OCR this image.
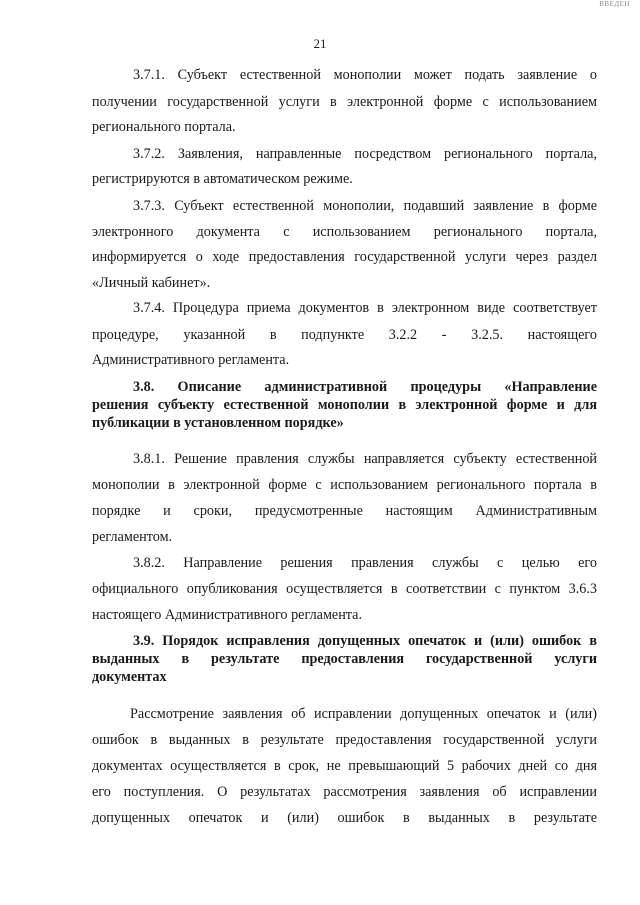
ВВЕДЕН
21
3.7.1. Субъект естественной монополии может подать заявление о
получении государственной услуги в электронной форме с использованием
регионального портала.
3.7.2. Заявления, направленные посредством регионального портала,
регистрируются в автоматическом режиме.
3.7.3. Субъект естественной монополии, подавший заявление в форме
электронного документа с использованием регионального портала,
информируется о ходе предоставления государственной услуги через раздел
«Личный кабинет».
3.7.4. Процедура приема документов в электронном виде соответствует
процедуре, указанной в подпункте 3.2.2 - 3.2.5. настоящего
Административного регламента.
3.8. Описание административной процедуры «Направление
решения субъекту естественной монополии в электронной форме и для
публикации в установленном порядке»
3.8.1. Решение правления службы направляется субъекту естественной
монополии в электронной форме с использованием регионального портала в
порядке и сроки, предусмотренные настоящим Административным
регламентом.
3.8.2. Направление решения правления службы с целью его
официального опубликования осуществляется в соответствии с пунктом 3.6.3
настоящего Административного регламента.
3.9. Порядок исправления допущенных опечаток и (или) ошибок в
выданных в результате предоставления государственной услуги
документах
Рассмотрение заявления об исправлении допущенных опечаток и (или)
ошибок в выданных в результате предоставления государственной услуги
документах осуществляется в срок, не превышающий 5 рабочих дней со дня
его поступления. О результатах рассмотрения заявления об исправлении
допущенных опечаток и (или) ошибок в выданных в результате
